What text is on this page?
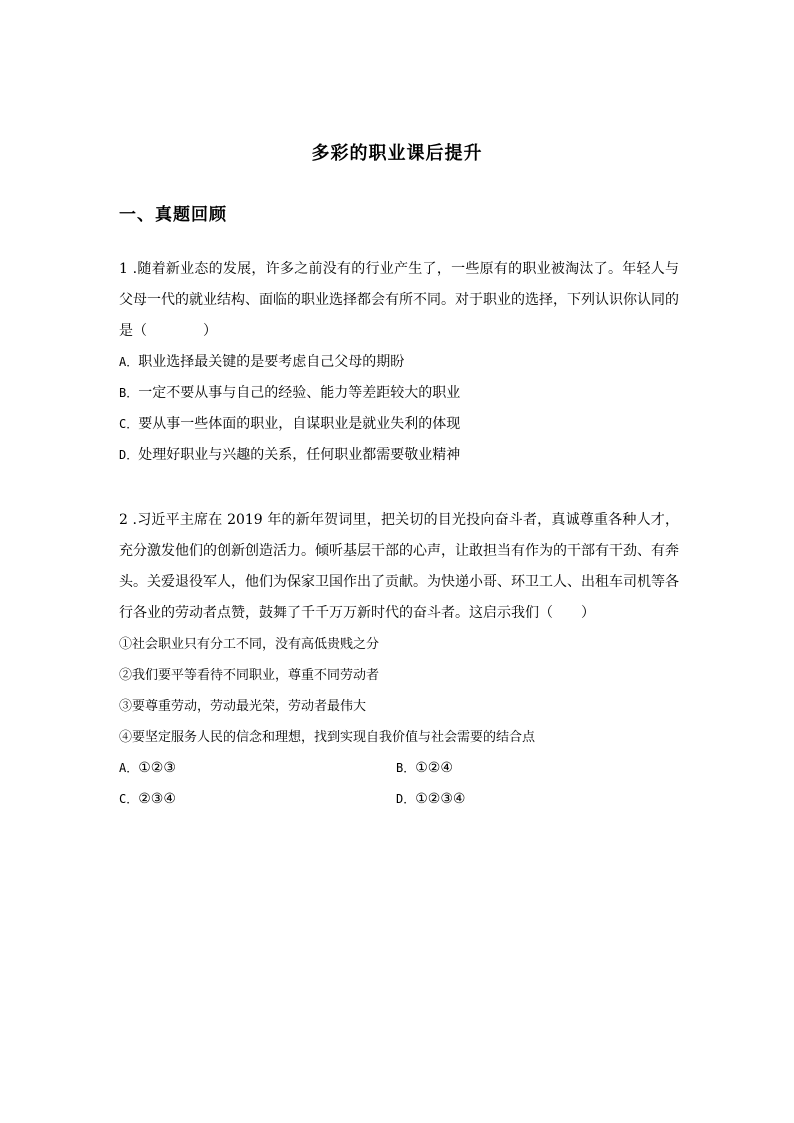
多彩的职业课后提升
一、真题回顾

1 .随着新业态的发展，许多之前没有的行业产生了，一些原有的职业被淘汰了。年轻人与父母一代的就业结构、面临的职业选择都会有所不同。对于职业的选择，下列认识你认同的是（　　　　）

A．职业选择最关键的是要考虑自己父母的期盼

B．一定不要从事与自己的经验、能力等差距较大的职业

C．要从事一些体面的职业，自谋职业是就业失利的体现

D．处理好职业与兴趣的关系，任何职业都需要敬业精神

2 .习近平主席在 2019 年的新年贺词里，把关切的目光投向奋斗者，真诚尊重各种人才，充分激发他们的创新创造活力。倾听基层干部的心声，让敢担当有作为的干部有干劲、有奔头。关爱退役军人，他们为保家卫国作出了贡献。为快递小哥、环卫工人、出租车司机等各行各业的劳动者点赞，鼓舞了千千万万新时代的奋斗者。这启示我们（　　）

①社会职业只有分工不同，没有高低贵贱之分

②我们要平等看待不同职业，尊重不同劳动者

③要尊重劳动，劳动最光荣，劳动者最伟大

④要坚定服务人民的信念和理想，找到实现自我价值与社会需要的结合点

A．①②③	B．①②④

C．②③④	D．①②③④
